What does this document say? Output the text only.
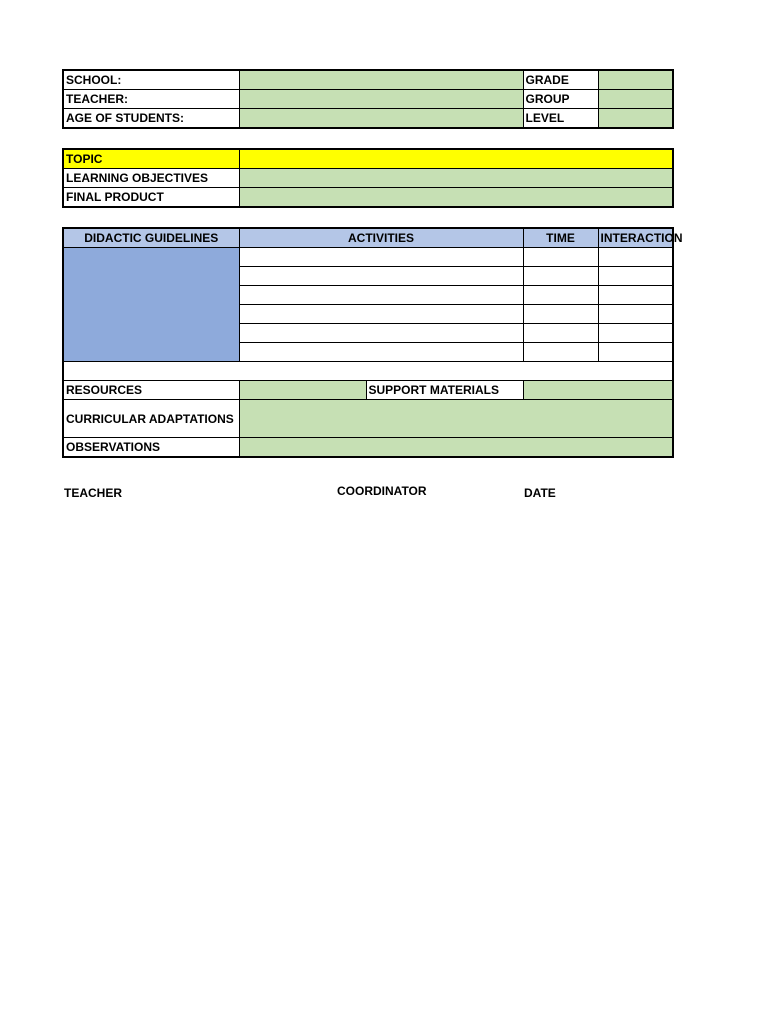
SCHOOL:		GRADE	
TEACHER:		GROUP	
AGE OF STUDENTS:		LEVEL	
TOPIC	
LEARNING OBJECTIVES	
FINAL PRODUCT	
DIDACTIC GUIDELINES	ACTIVITIES		TIME	INTERACTION

RESOURCES		SUPPORT MATERIALS		
CURRICULAR ADAPTATIONS				
OBSERVATIONS				
TEACHER	COORDINATOR	DATE
